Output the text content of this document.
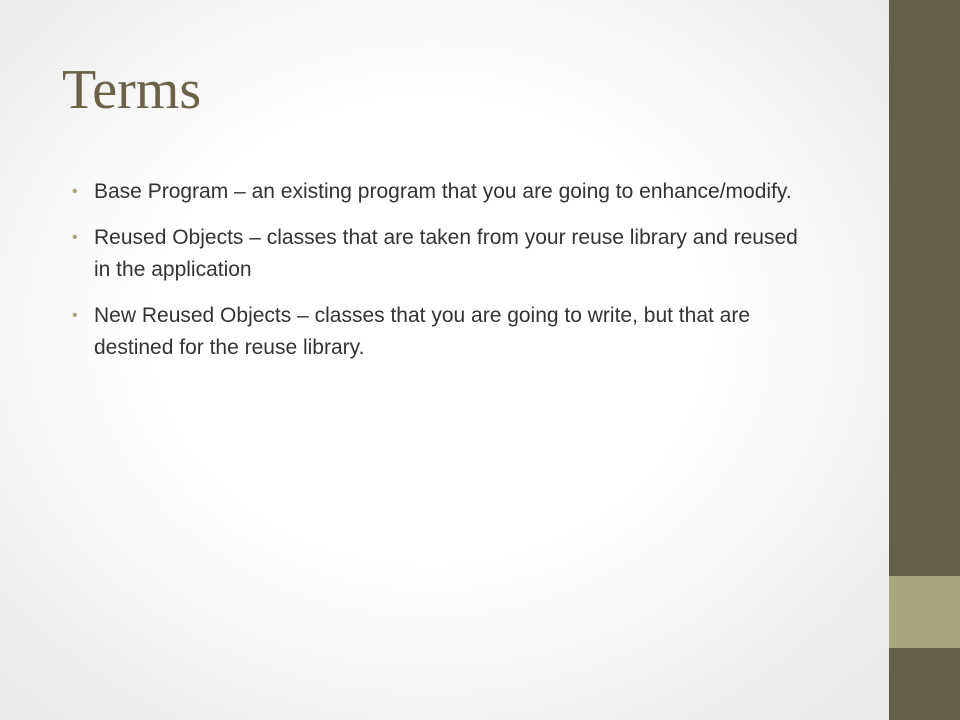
Terms
• Base Program – an existing program that you are going to enhance/modify.
• Reused Objects – classes that are taken from your reuse library and reused in the application
• New Reused Objects – classes that you are going to write, but that are destined for the reuse library.
